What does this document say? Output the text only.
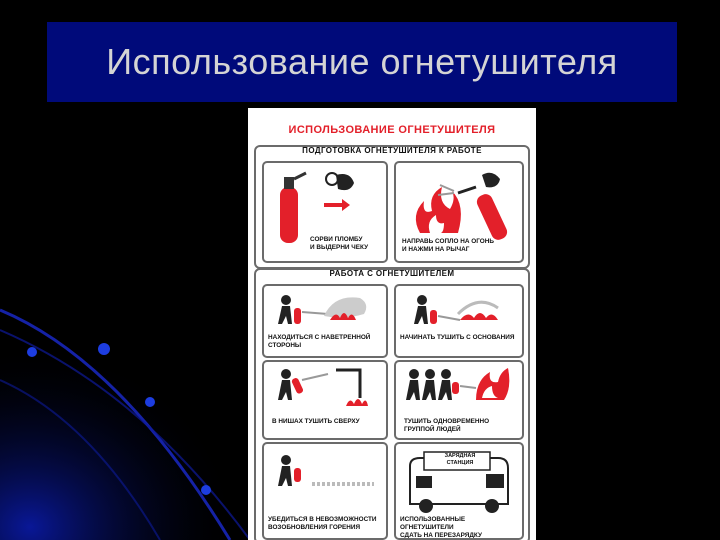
Использование огнетушителя
ИСПОЛЬЗОВАНИЕ ОГНЕТУШИТЕЛЯ
ПОДГОТОВКА ОГНЕТУШИТЕЛЯ К РАБОТЕ
СОРВИ ПЛОМБУ
И ВЫДЕРНИ ЧЕКУ
НАПРАВЬ СОПЛО НА ОГОНЬ
И НАЖМИ НА РЫЧАГ
РАБОТА С ОГНЕТУШИТЕЛЕМ
НАХОДИТЬСЯ С НАВЕТРЕННОЙ
СТОРОНЫ
НАЧИНАТЬ ТУШИТЬ С ОСНОВАНИЯ
В НИШАХ ТУШИТЬ СВЕРХУ	ТУШИТЬ ОДНОВРЕМЕННО
ГРУППОЙ ЛЮДЕЙ
УБЕДИТЬСЯ В НЕВОЗМОЖНОСТИ
ВОЗОБНОВЛЕНИЯ ГОРЕНИЯ
ЗАРЯДНАЯ
СТАНЦИЯ
ИСПОЛЬЗОВАННЫЕ ОГНЕТУШИТЕЛИ
СДАТЬ НА ПЕРЕЗАРЯДКУ
